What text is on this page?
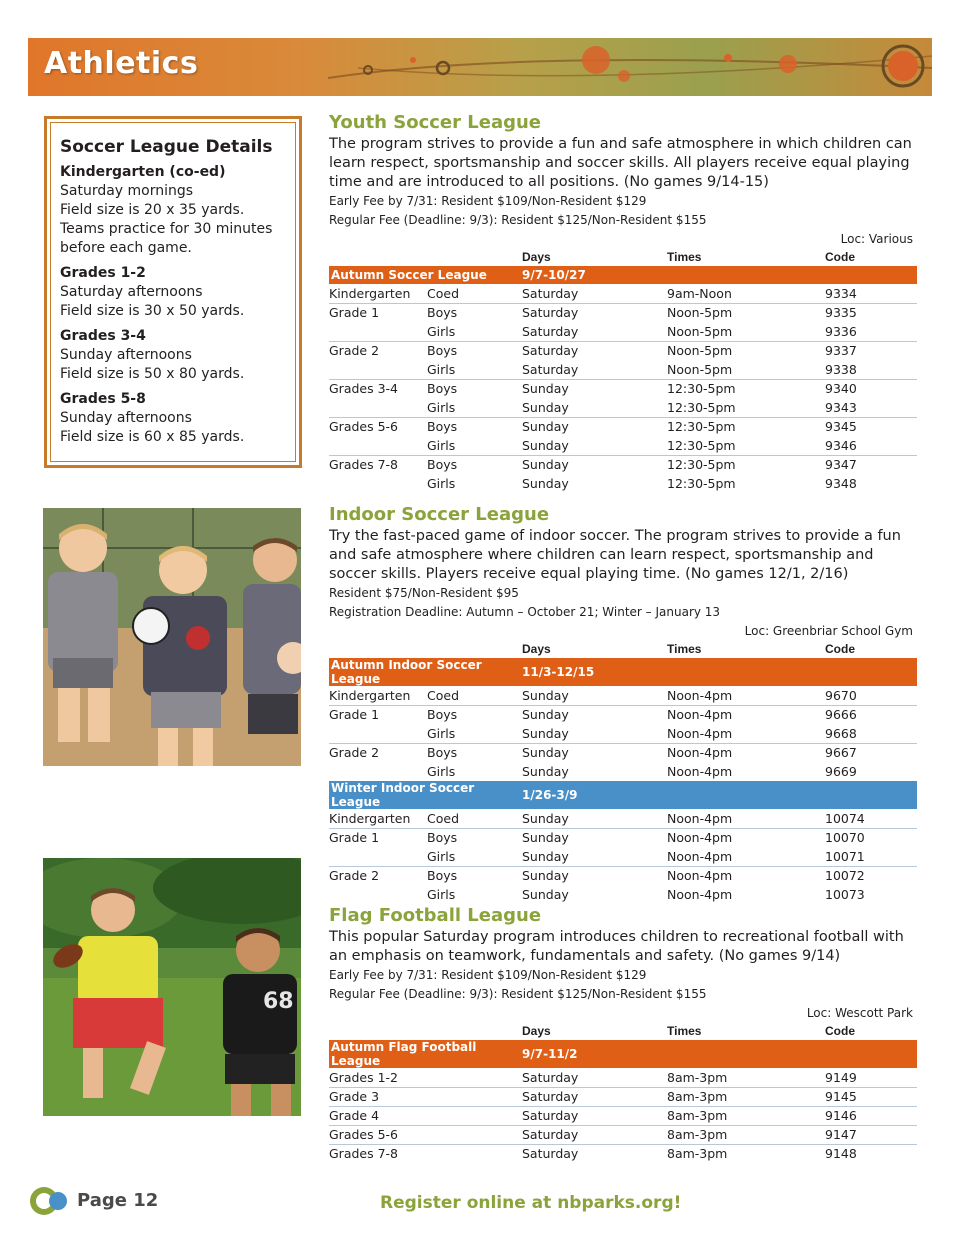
Athletics
Soccer League Details
Kindergarten (co-ed)
Saturday mornings
Field size is 20 x 35 yards.
Teams practice for 30 minutes
before each game.
Grades 1-2
Saturday afternoons
Field size is 30 x 50 yards.
Grades 3-4
Sunday afternoons
Field size is 50 x 80 yards.
Grades 5-8
Sunday afternoons
Field size is 60 x 85 yards.
68
Youth Soccer League
The program strives to provide a fun and safe atmosphere in which children can learn respect, sportsmanship and soccer skills. All players receive equal playing time and are introduced to all positions. (No games 9/14-15)
Early Fee by 7/31: Resident $109/Non-Resident $129
Regular Fee (Deadline: 9/3): Resident $125/Non-Resident $155
Loc: Various
		Days	Times	Code
Autumn Soccer League		9/7-10/27		
Kindergarten	Coed	Saturday	9am-Noon	9334
Grade 1	Boys	Saturday	Noon-5pm	9335
	Girls	Saturday	Noon-5pm	9336
Grade 2	Boys	Saturday	Noon-5pm	9337
	Girls	Saturday	Noon-5pm	9338
Grades 3-4	Boys	Sunday	12:30-5pm	9340
	Girls	Sunday	12:30-5pm	9343
Grades 5-6	Boys	Sunday	12:30-5pm	9345
	Girls	Sunday	12:30-5pm	9346
Grades 7-8	Boys	Sunday	12:30-5pm	9347
	Girls	Sunday	12:30-5pm	9348
Indoor Soccer League
Try the fast-paced game of indoor soccer. The program strives to provide a fun and safe atmosphere where children can learn respect, sportsmanship and soccer skills. Players receive equal playing time. (No games 12/1, 2/16)
Resident $75/Non-Resident $95
Registration Deadline: Autumn – October 21; Winter – January 13
Loc: Greenbriar School Gym
		Days	Times	Code
Autumn Indoor Soccer League		11/3-12/15		
Kindergarten	Coed	Sunday	Noon-4pm	9670
Grade 1	Boys	Sunday	Noon-4pm	9666
	Girls	Sunday	Noon-4pm	9668
Grade 2	Boys	Sunday	Noon-4pm	9667
	Girls	Sunday	Noon-4pm	9669
Winter Indoor Soccer League		1/26-3/9		
Kindergarten	Coed	Sunday	Noon-4pm	10074
Grade 1	Boys	Sunday	Noon-4pm	10070
	Girls	Sunday	Noon-4pm	10071
Grade 2	Boys	Sunday	Noon-4pm	10072
	Girls	Sunday	Noon-4pm	10073
Flag Football League
This popular Saturday program introduces children to recreational football with an emphasis on teamwork, fundamentals and safety. (No games 9/14)
Early Fee by 7/31: Resident $109/Non-Resident $129
Regular Fee (Deadline: 9/3): Resident $125/Non-Resident $155
Loc: Wescott Park
		Days	Times	Code
Autumn Flag Football League		9/7-11/2		
Grades 1-2		Saturday	8am-3pm	9149
Grade 3		Saturday	8am-3pm	9145
Grade 4		Saturday	8am-3pm	9146
Grades 5-6		Saturday	8am-3pm	9147
Grades 7-8		Saturday	8am-3pm	9148
Page 12	Register online at nbparks.org!
